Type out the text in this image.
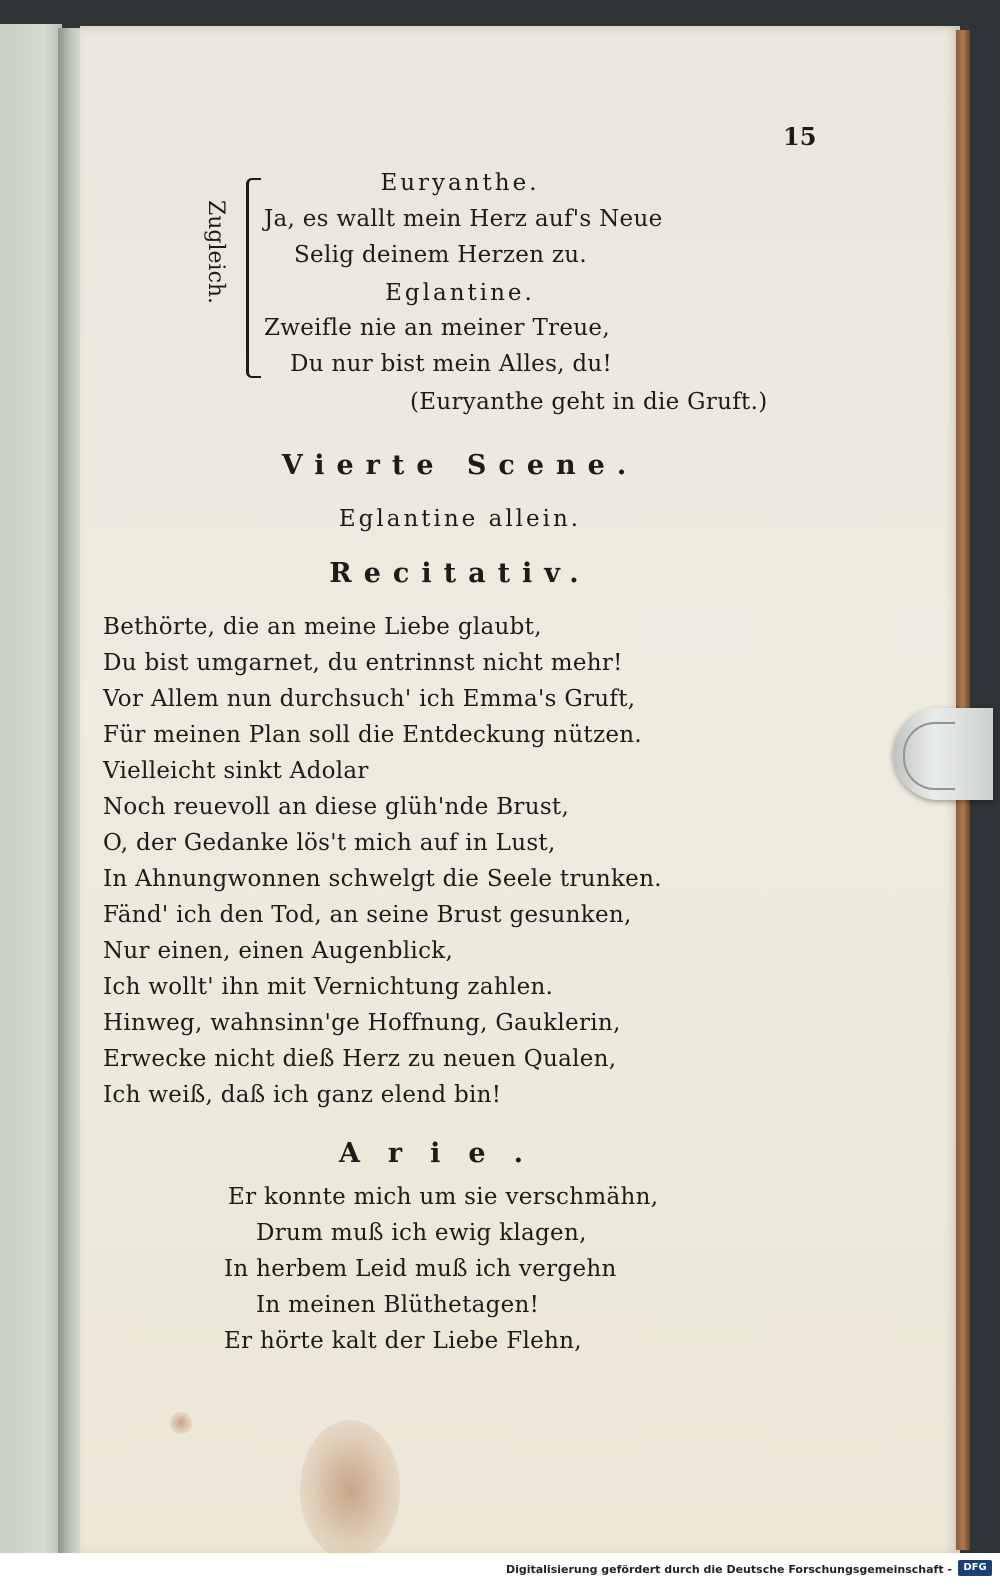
15
Zugleich.
Euryanthe.
Ja, es wallt mein Herz auf's Neue
Selig deinem Herzen zu.
Eglantine.
Zweifle nie an meiner Treue,
Du nur bist mein Alles, du!
(Euryanthe geht in die Gruft.)
Vierte Scene.
Eglantine allein.
Recitativ.
Bethörte, die an meine Liebe glaubt,
Du bist umgarnet, du entrinnst nicht mehr!
Vor Allem nun durchsuch' ich Emma's Gruft,
Für meinen Plan soll die Entdeckung nützen.
Vielleicht sinkt Adolar
Noch reuevoll an diese glüh'nde Brust,
O, der Gedanke lös't mich auf in Lust,
In Ahnungwonnen schwelgt die Seele trunken.
Fänd' ich den Tod, an seine Brust gesunken,
Nur einen, einen Augenblick,
Ich wollt' ihn mit Vernichtung zahlen.
Hinweg, wahnsinn'ge Hoffnung, Gauklerin,
Erwecke nicht dieß Herz zu neuen Qualen,
Ich weiß, daß ich ganz elend bin!
Arie.
Er konnte mich um sie verschmähn,
Drum muß ich ewig klagen,
In herbem Leid muß ich vergehn
In meinen Blüthetagen!
Er hörte kalt der Liebe Flehn,
Digitalisierung gefördert durch die Deutsche Forschungsgemeinschaft -	DFG
